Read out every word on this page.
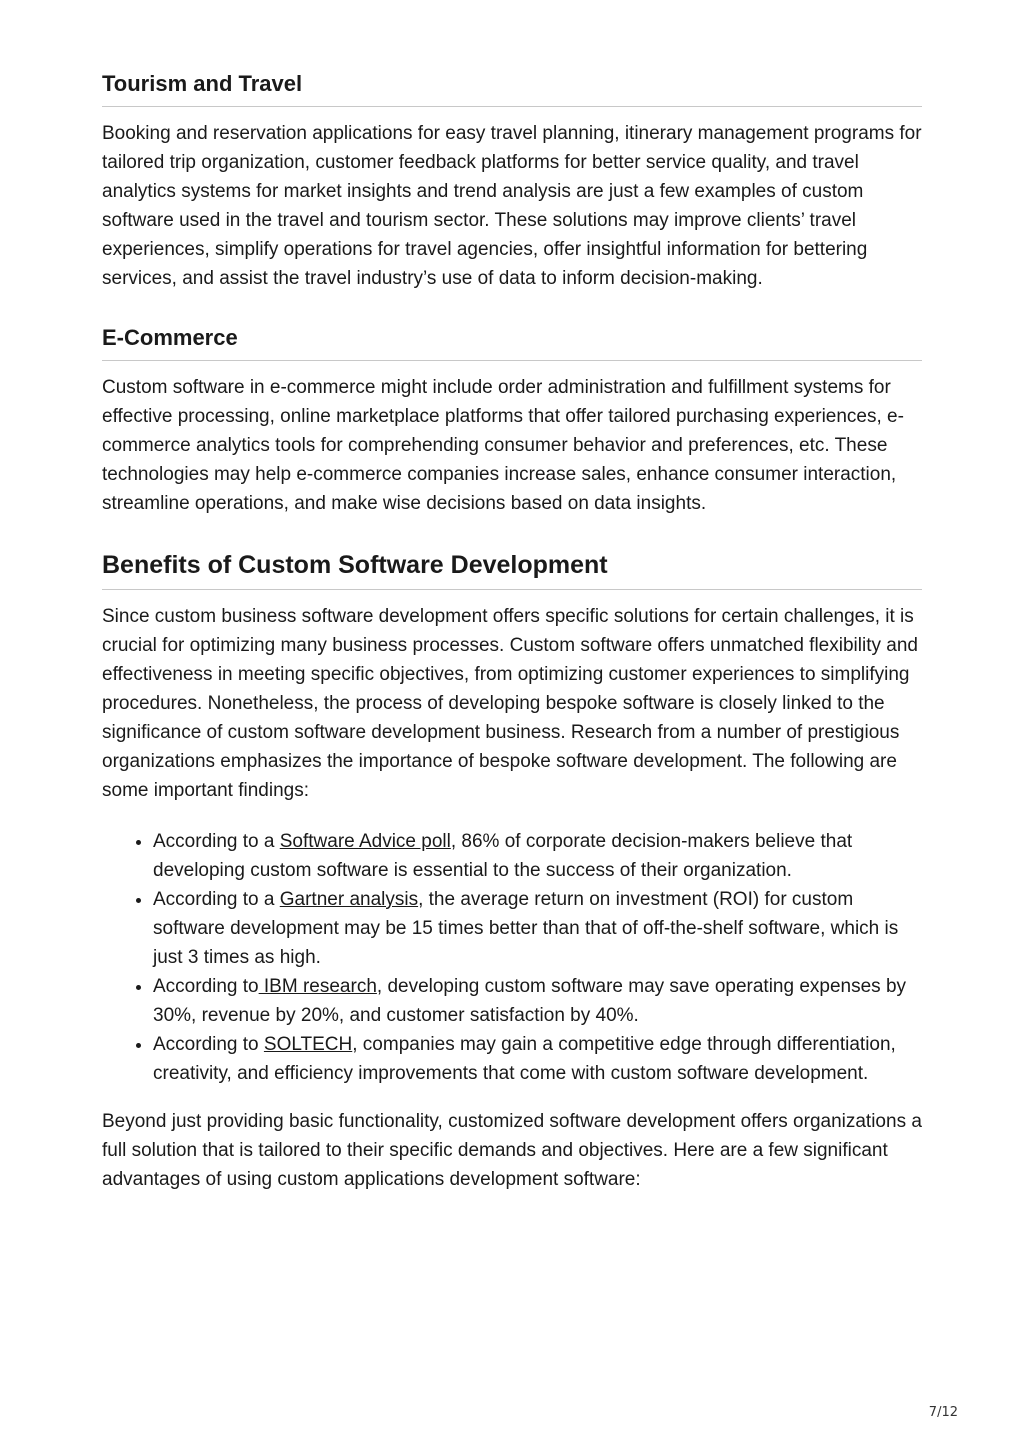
Tourism and Travel

Booking and reservation applications for easy travel planning, itinerary management programs for tailored trip organization, customer feedback platforms for better service quality, and travel analytics systems for market insights and trend analysis are just a few examples of custom software used in the travel and tourism sector. These solutions may improve clients’ travel experiences, simplify operations for travel agencies, offer insightful information for bettering services, and assist the travel industry’s use of data to inform decision-making.

E-Commerce

Custom software in e-commerce might include order administration and fulfillment systems for effective processing, online marketplace platforms that offer tailored purchasing experiences, e-commerce analytics tools for comprehending consumer behavior and preferences, etc. These technologies may help e-commerce companies increase sales, enhance consumer interaction, streamline operations, and make wise decisions based on data insights.

Benefits of Custom Software Development

Since custom business software development offers specific solutions for certain challenges, it is crucial for optimizing many business processes. Custom software offers unmatched flexibility and effectiveness in meeting specific objectives, from optimizing customer experiences to simplifying procedures. Nonetheless, the process of developing bespoke software is closely linked to the significance of custom software development business. Research from a number of prestigious organizations emphasizes the importance of bespoke software development. The following are some important findings:

• According to a Software Advice poll, 86% of corporate decision-makers believe that developing custom software is essential to the success of their organization.
• According to a Gartner analysis, the average return on investment (ROI) for custom software development may be 15 times better than that of off-the-shelf software, which is just 3 times as high.
• According to IBM research, developing custom software may save operating expenses by 30%, revenue by 20%, and customer satisfaction by 40%.
• According to SOLTECH, companies may gain a competitive edge through differentiation, creativity, and efficiency improvements that come with custom software development.

Beyond just providing basic functionality, customized software development offers organizations a full solution that is tailored to their specific demands and objectives. Here are a few significant advantages of using custom applications development software:

7/12
